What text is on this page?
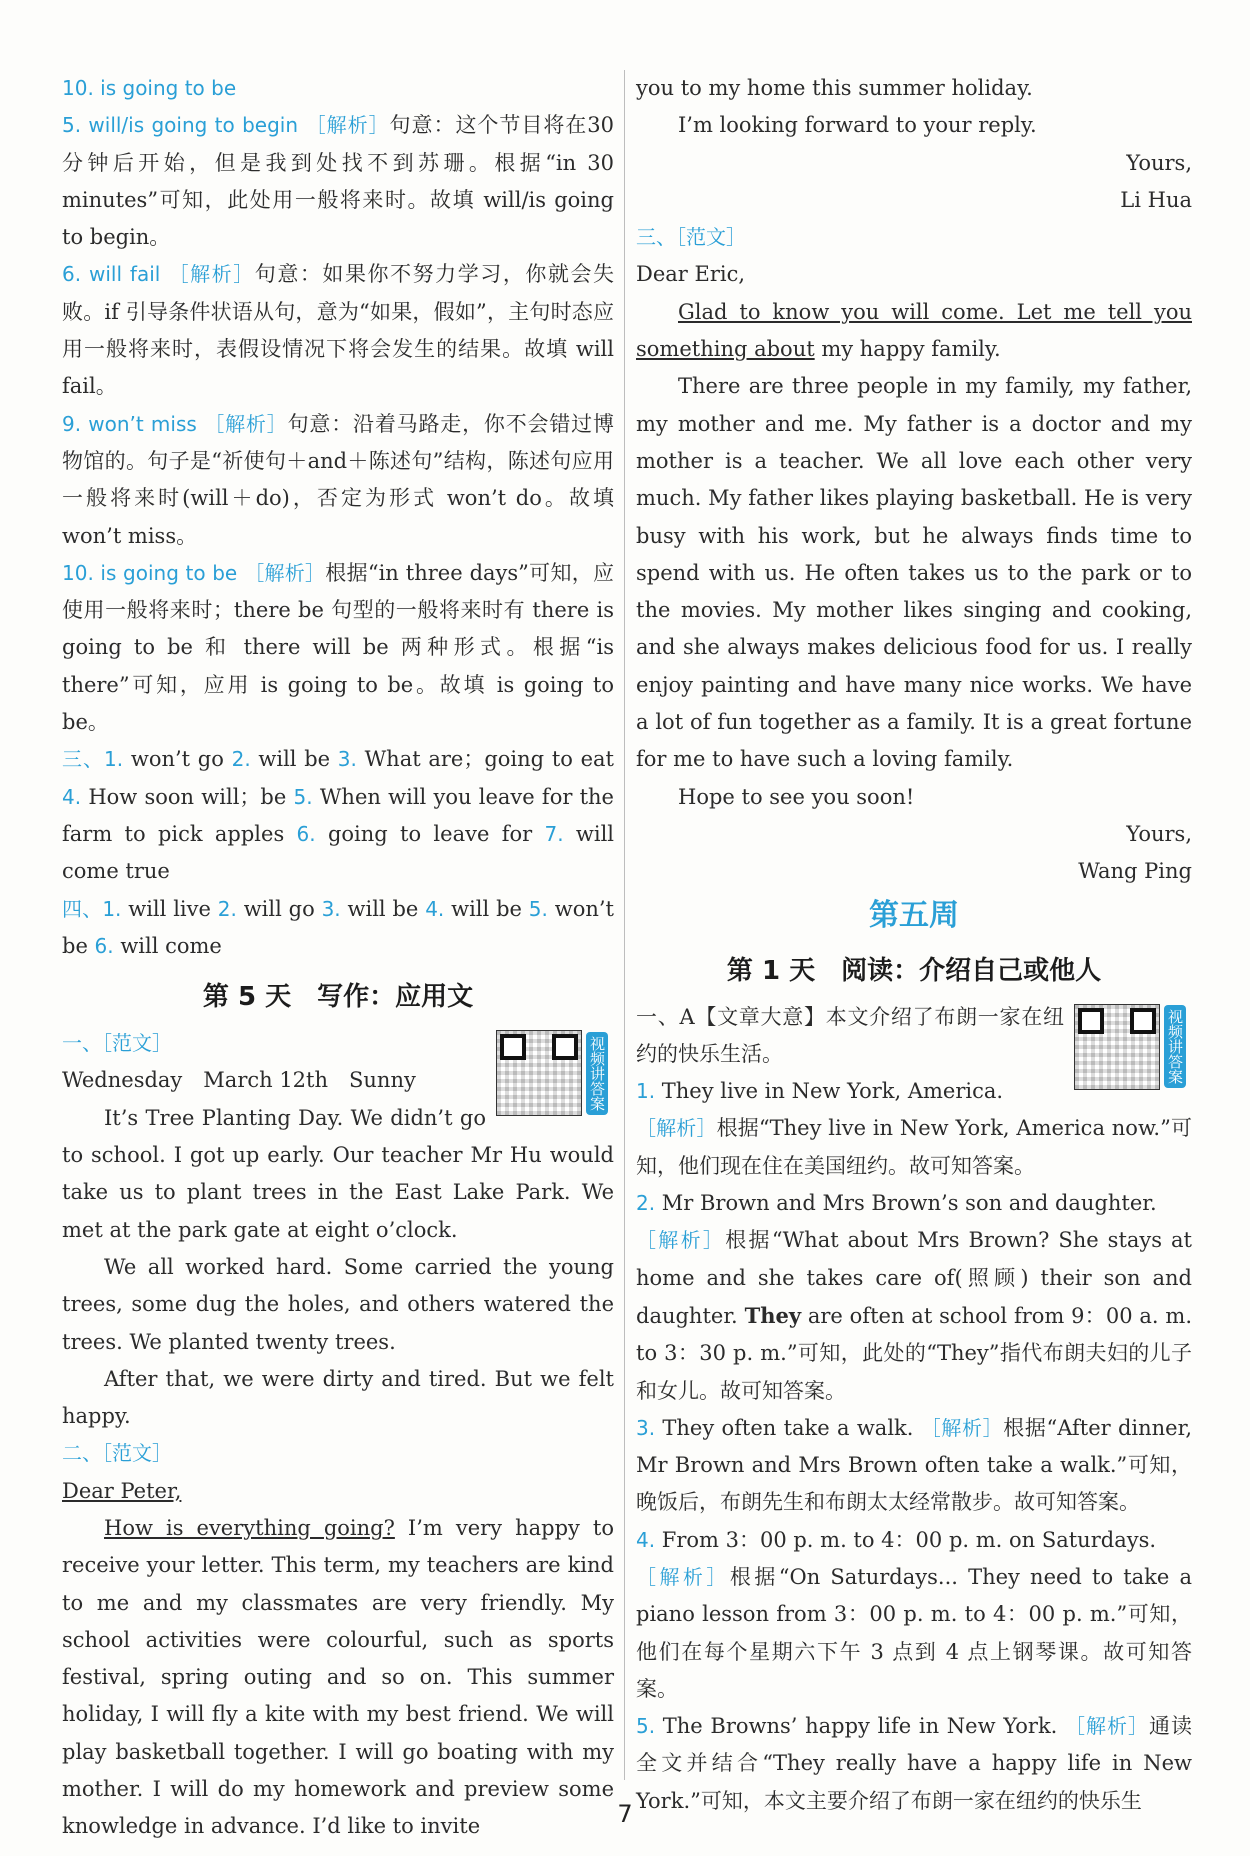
10. is going to be

5. will/is going to begin ［解析］句意：这个节目将在30分钟后开始，但是我到处找不到苏珊。根据“in 30 minutes”可知，此处用一般将来时。故填 will/is going to begin。

6. will fail ［解析］句意：如果你不努力学习，你就会失败。if 引导条件状语从句，意为“如果，假如”，主句时态应用一般将来时，表假设情况下将会发生的结果。故填 will fail。

9. won’t miss ［解析］句意：沿着马路走，你不会错过博物馆的。句子是“祈使句＋and＋陈述句”结构，陈述句应用一般将来时(will＋do)，否定为形式 won’t do。故填 won’t miss。

10. is going to be ［解析］根据“in three days”可知，应使用一般将来时；there be 句型的一般将来时有 there is going to be 和 there will be 两种形式。根据“is there”可知，应用 is going to be。故填 is going to be。

三、1. won’t go 2. will be 3. What are；going to eat 4. How soon will；be 5. When will you leave for the farm to pick apples 6. going to leave for 7. will come true

四、1. will live 2. will go 3. will be 4. will be 5. won’t be 6. will come

第 5 天　写作：应用文
视频讲答案

一、［范文］

Wednesday　March 12th　Sunny

It’s Tree Planting Day. We didn’t go to school. I got up early. Our teacher Mr Hu would take us to plant trees in the East Lake Park. We met at the park gate at eight o’clock.

We all worked hard. Some carried the young trees, some dug the holes, and others watered the trees. We planted twenty trees.

After that, we were dirty and tired. But we felt happy.

二、［范文］

Dear Peter,

How is everything going? I’m very happy to receive your letter. This term, my teachers are kind to me and my classmates are very friendly. My school activities were colourful, such as sports festival, spring outing and so on. This summer holiday, I will fly a kite with my best friend. We will play basketball together. I will go boating with my mother. I will do my homework and preview some knowledge in advance. I’d like to invite

you to my home this summer holiday.

I’m looking forward to your reply.

Yours,

Li Hua

三、［范文］

Dear Eric,

Glad to know you will come. Let me tell you something about my happy family.

There are three people in my family, my father, my mother and me. My father is a doctor and my mother is a teacher. We all love each other very much. My father likes playing basketball. He is very busy with his work, but he always finds time to spend with us. He often takes us to the park or to the movies. My mother likes singing and cooking, and she always makes delicious food for us. I really enjoy painting and have many nice works. We have a lot of fun together as a family. It is a great fortune for me to have such a loving family.

Hope to see you soon!

Yours,

Wang Ping

第五周
第 1 天　阅读：介绍自己或他人
视频讲答案

一、A【文章大意】本文介绍了布朗一家在纽约的快乐生活。

1. They live in New York, America.

［解析］根据“They live in New York, America now.”可知，他们现在住在美国纽约。故可知答案。

2. Mr Brown and Mrs Brown’s son and daughter.

［解析］根据“What about Mrs Brown? She stays at home and she takes care of(照顾) their son and daughter. They are often at school from 9：00 a. m. to 3：30 p. m.”可知，此处的“They”指代布朗夫妇的儿子和女儿。故可知答案。

3. They often take a walk. ［解析］根据“After dinner, Mr Brown and Mrs Brown often take a walk.”可知，晚饭后，布朗先生和布朗太太经常散步。故可知答案。

4. From 3：00 p. m. to 4：00 p. m. on Saturdays.

［解析］根据“On Saturdays... They need to take a piano lesson from 3：00 p. m. to 4：00 p. m.”可知，他们在每个星期六下午 3 点到 4 点上钢琴课。故可知答案。

5. The Browns’ happy life in New York. ［解析］通读全文并结合“They really have a happy life in New York.”可知，本文主要介绍了布朗一家在纽约的快乐生

7
